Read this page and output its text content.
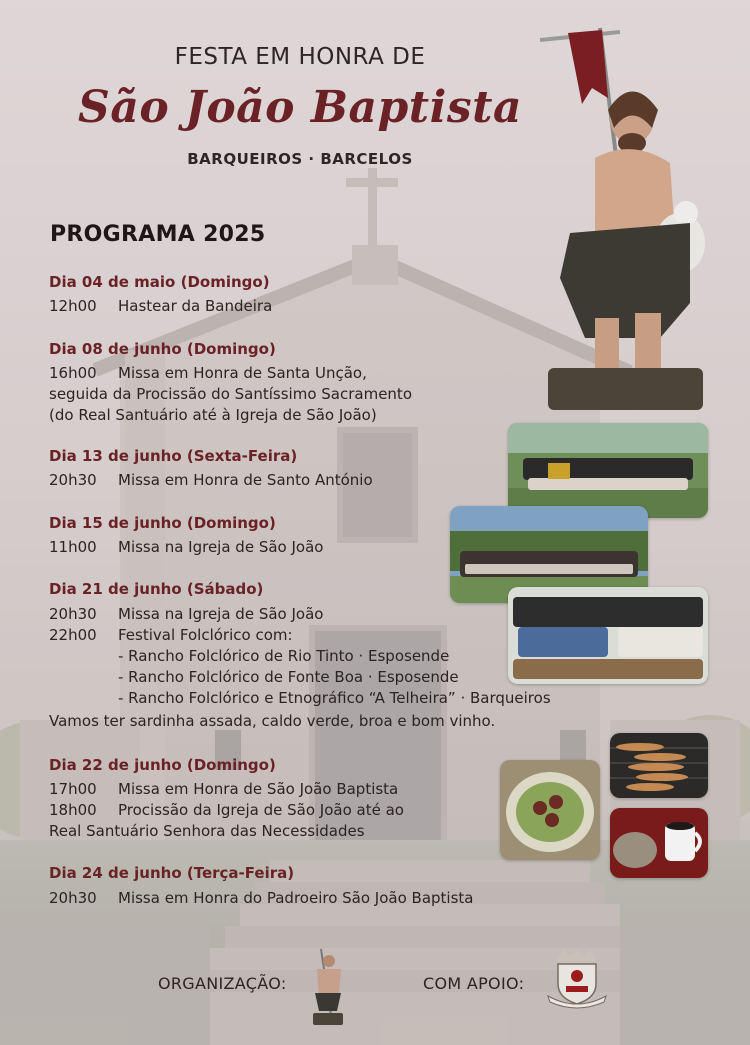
FESTA EM HONRA DE
São João Baptista
BARQUEIROS · BARCELOS
PROGRAMA 2025
Dia 04 de maio (Domingo)
12h00 Hastear da Bandeira
Dia 08 de junho (Domingo)
16h00 Missa em Honra de Santa Unção,
seguida da Procissão do Santíssimo Sacramento
(do Real Santuário até à Igreja de São João)
Dia 13 de junho (Sexta-Feira)
20h30 Missa em Honra de Santo António
Dia 15 de junho (Domingo)
11h00 Missa na Igreja de São João
Dia 21 de junho (Sábado)
20h30 Missa na Igreja de São João
22h00 Festival Folclórico com:
- Rancho Folclórico de Rio Tinto · Esposende
- Rancho Folclórico de Fonte Boa · Esposende
- Rancho Folclórico e Etnográfico “A Telheira” · Barqueiros
Vamos ter sardinha assada, caldo verde, broa e bom vinho.
Dia 22 de junho (Domingo)
17h00 Missa em Honra de São João Baptista
18h00 Procissão da Igreja de São João até ao
Real Santuário Senhora das Necessidades
Dia 24 de junho (Terça-Feira)
20h30 Missa em Honra do Padroeiro São João Baptista
ORGANIZAÇÃO:	COM APOIO:
